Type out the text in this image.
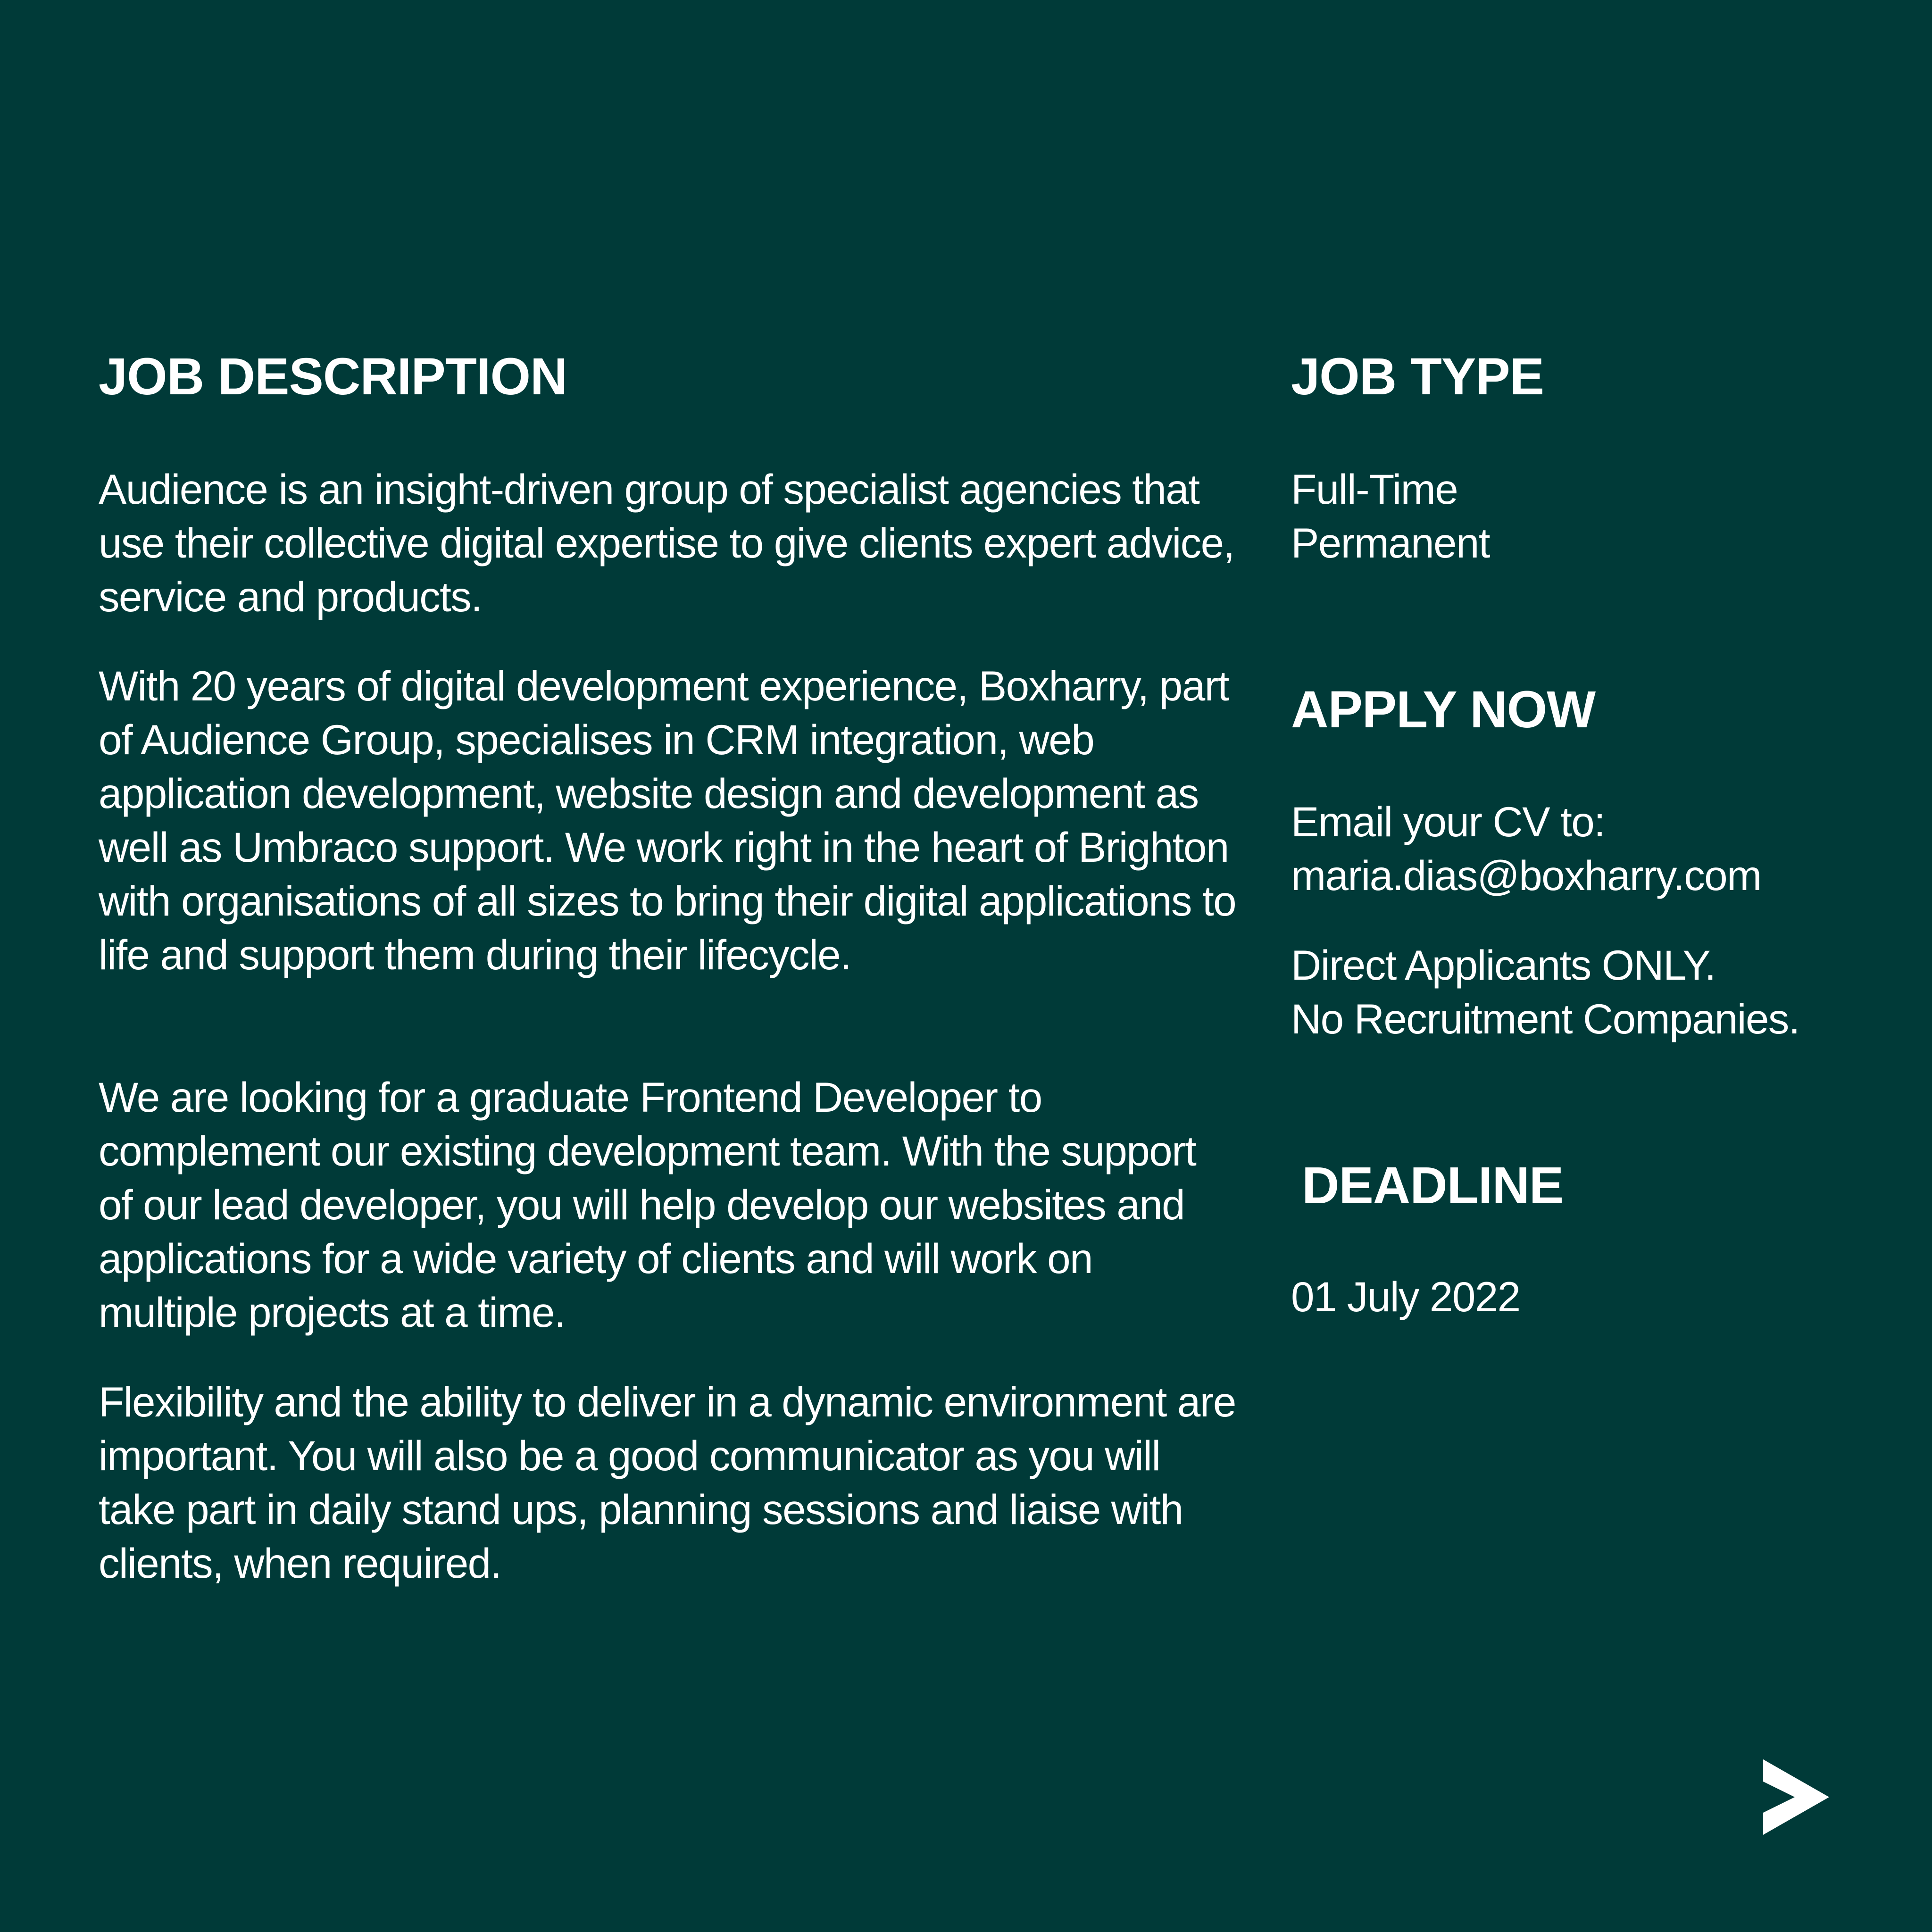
JOB DESCRIPTION

Audience is an insight-driven group of specialist agencies that use their collective digital expertise to give clients expert advice, service and products.

With 20 years of digital development experience, Boxharry, part of Audience Group, specialises in CRM integration, web application development, website design and development as well as Umbraco support. We work right in the heart of Brighton with organisations of all sizes to bring their digital applications to life and support them during their lifecycle.

We are looking for a graduate Frontend Developer to complement our existing development team. With the support of our lead developer, you will help develop our websites and applications for a wide variety of clients and will work on multiple projects at a time.

Flexibility and the ability to deliver in a dynamic environment are important. You will also be a good communicator as you will take part in daily stand ups, planning sessions and liaise with clients, when required.

JOB TYPE
Full-Time
Permanent
APPLY NOW
Email your CV to:
maria.dias@boxharry.com
Direct Applicants ONLY.
No Recruitment Companies.
DEADLINE
01 July 2022
